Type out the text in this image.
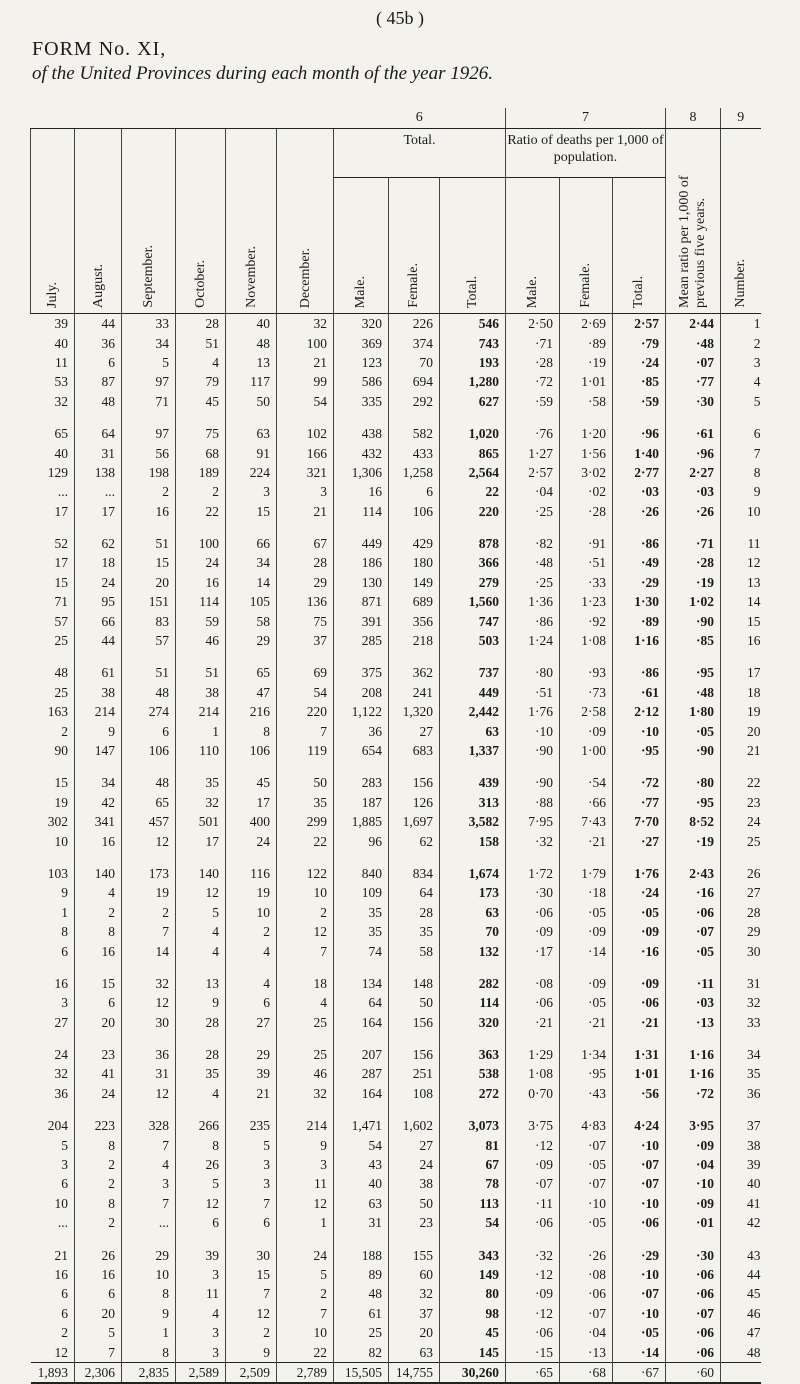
( 45b )
FORM No. XI,
of the United Provinces during each month of the year 1926.
						6			7			8	9
July.	August.	September.	October.	November.	December.	Total.			Ratio of deaths per 1,000 of population.			Mean ratio per 1,000 of previous five years.	Number.
						Male.	Female.	Total.	Male.	Female.	Total.		
39	44	33	28	40	32	320	226	546	2·50	2·69	2·57	2·44	1
40	36	34	51	48	100	369	374	743	·71	·89	·79	·48	2
11	6	5	4	13	21	123	70	193	·28	·19	·24	·07	3
53	87	97	79	117	99	586	694	1,280	·72	1·01	·85	·77	4
32	48	71	45	50	54	335	292	627	·59	·58	·59	·30	5

65	64	97	75	63	102	438	582	1,020	·76	1·20	·96	·61	6
40	31	56	68	91	166	432	433	865	1·27	1·56	1·40	·96	7
129	138	198	189	224	321	1,306	1,258	2,564	2·57	3·02	2·77	2·27	8
...	...	2	2	3	3	16	6	22	·04	·02	·03	·03	9
17	17	16	22	15	21	114	106	220	·25	·28	·26	·26	10

52	62	51	100	66	67	449	429	878	·82	·91	·86	·71	11
17	18	15	24	34	28	186	180	366	·48	·51	·49	·28	12
15	24	20	16	14	29	130	149	279	·25	·33	·29	·19	13
71	95	151	114	105	136	871	689	1,560	1·36	1·23	1·30	1·02	14
57	66	83	59	58	75	391	356	747	·86	·92	·89	·90	15
25	44	57	46	29	37	285	218	503	1·24	1·08	1·16	·85	16

48	61	51	51	65	69	375	362	737	·80	·93	·86	·95	17
25	38	48	38	47	54	208	241	449	·51	·73	·61	·48	18
163	214	274	214	216	220	1,122	1,320	2,442	1·76	2·58	2·12	1·80	19
2	9	6	1	8	7	36	27	63	·10	·09	·10	·05	20
90	147	106	110	106	119	654	683	1,337	·90	1·00	·95	·90	21

15	34	48	35	45	50	283	156	439	·90	·54	·72	·80	22
19	42	65	32	17	35	187	126	313	·88	·66	·77	·95	23
302	341	457	501	400	299	1,885	1,697	3,582	7·95	7·43	7·70	8·52	24
10	16	12	17	24	22	96	62	158	·32	·21	·27	·19	25

103	140	173	140	116	122	840	834	1,674	1·72	1·79	1·76	2·43	26
9	4	19	12	19	10	109	64	173	·30	·18	·24	·16	27
1	2	2	5	10	2	35	28	63	·06	·05	·05	·06	28
8	8	7	4	2	12	35	35	70	·09	·09	·09	·07	29
6	16	14	4	4	7	74	58	132	·17	·14	·16	·05	30

16	15	32	13	4	18	134	148	282	·08	·09	·09	·11	31
3	6	12	9	6	4	64	50	114	·06	·05	·06	·03	32
27	20	30	28	27	25	164	156	320	·21	·21	·21	·13	33

24	23	36	28	29	25	207	156	363	1·29	1·34	1·31	1·16	34
32	41	31	35	39	46	287	251	538	1·08	·95	1·01	1·16	35
36	24	12	4	21	32	164	108	272	0·70	·43	·56	·72	36

204	223	328	266	235	214	1,471	1,602	3,073	3·75	4·83	4·24	3·95	37
5	8	7	8	5	9	54	27	81	·12	·07	·10	·09	38
3	2	4	26	3	3	43	24	67	·09	·05	·07	·04	39
6	2	3	5	3	11	40	38	78	·07	·07	·07	·10	40
10	8	7	12	7	12	63	50	113	·11	·10	·10	·09	41
...	2	...	6	6	1	31	23	54	·06	·05	·06	·01	42

21	26	29	39	30	24	188	155	343	·32	·26	·29	·30	43
16	16	10	3	15	5	89	60	149	·12	·08	·10	·06	44
6	6	8	11	7	2	48	32	80	·09	·06	·07	·06	45
6	20	9	4	12	7	61	37	98	·12	·07	·10	·07	46
2	5	1	3	2	10	25	20	45	·06	·04	·05	·06	47
12	7	8	3	9	22	82	63	145	·15	·13	·14	·06	48
1,893	2,306	2,835	2,589	2,509	2,789	15,505	14,755	30,260	·65	·68	·67	·60	
